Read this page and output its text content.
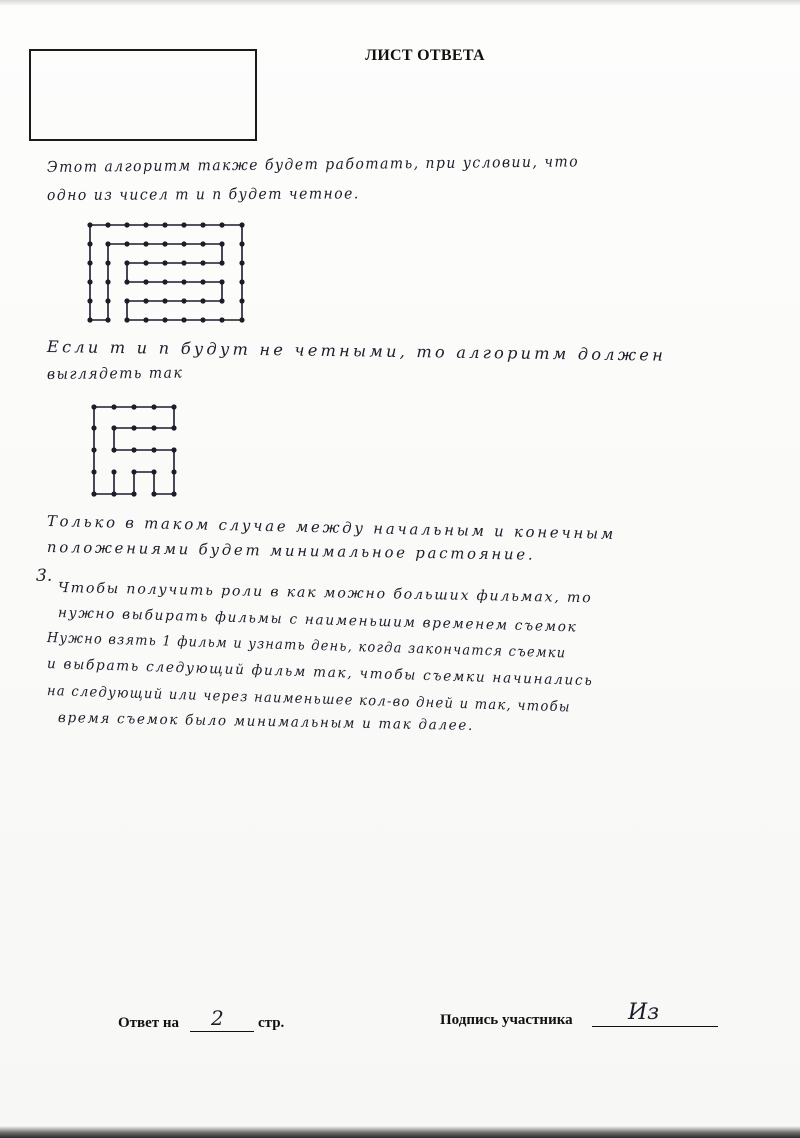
ЛИСТ ОТВЕТА
Этот алгоритм также будет работать, при условии, что
одно из чисел m и n будет четное.
Если m и n будут не четными, то алгоритм должен
выглядеть так
Только в таком случае между начальным и конечным
положениями будет минимальное растояние.
3.
Чтобы получить роли в как можно больших фильмах, то
нужно выбирать фильмы с наименьшим временем съемок
Нужно взять 1 фильм и узнать день, когда закончатся съемки
и выбрать следующий фильм так, чтобы съемки начинались
на следующий или через наименьшее кол-во дней и так, чтобы
время съемок было минимальным и так далее.
Ответ на 2 стр.	Подпись участника	Из
